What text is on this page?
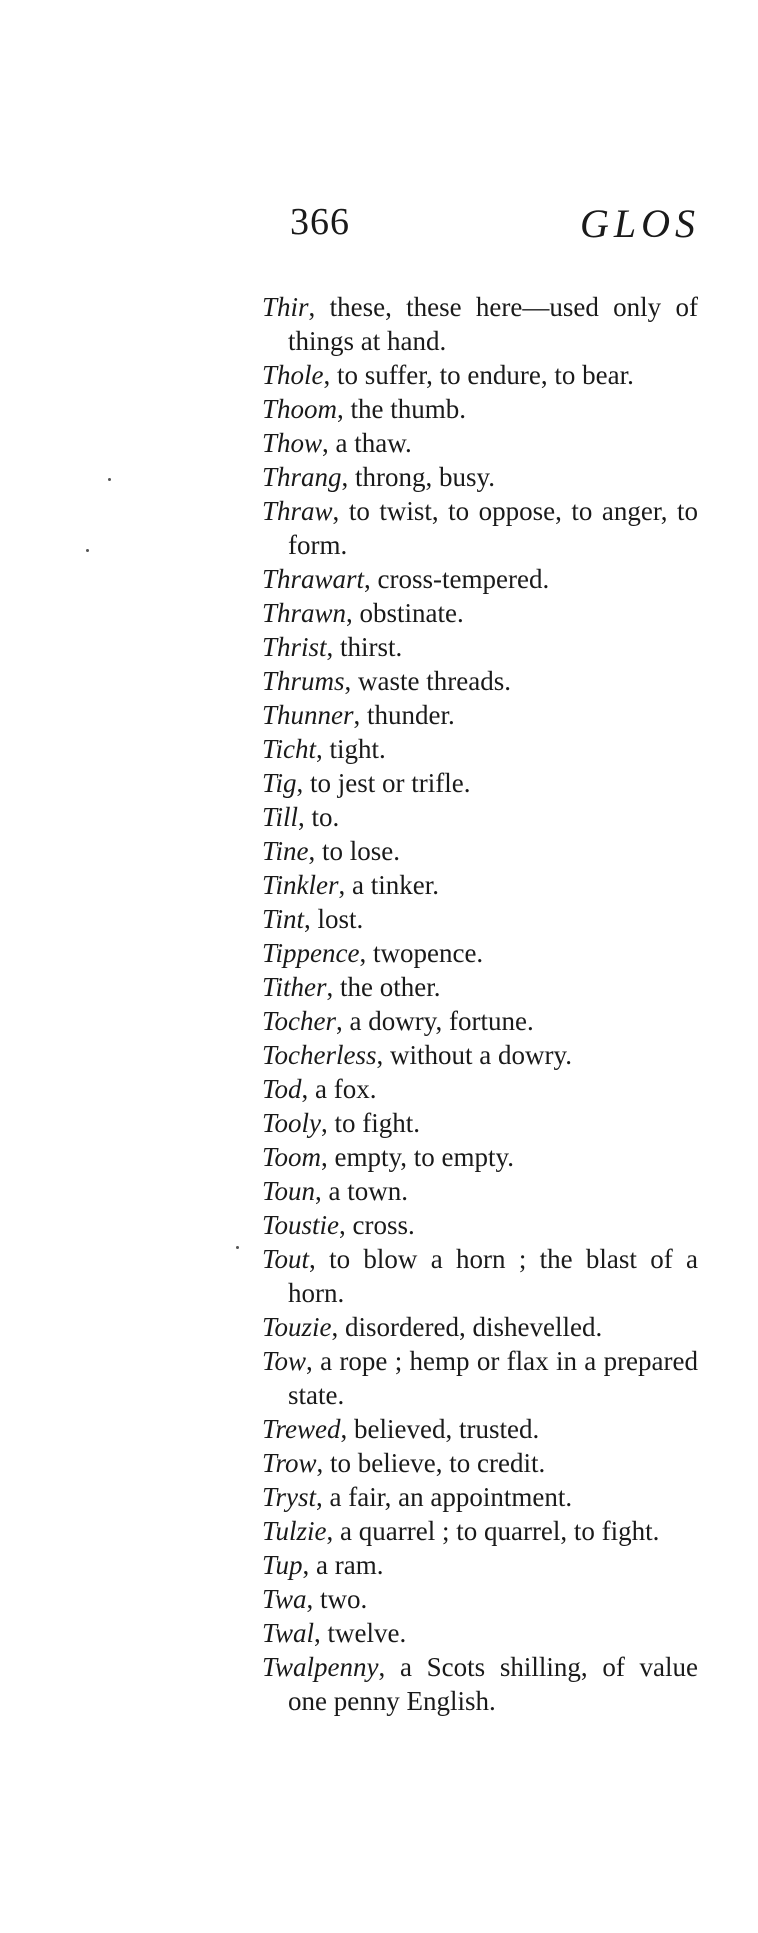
366	GLOS
Thir, these, these here—used only of things at hand.
Thole, to suffer, to endure, to bear.
Thoom, the thumb.
Thow, a thaw.
Thrang, throng, busy.
Thraw, to twist, to oppose, to anger, to form.
Thrawart, cross-tempered.
Thrawn, obstinate.
Thrist, thirst.
Thrums, waste threads.
Thunner, thunder.
Ticht, tight.
Tig, to jest or trifle.
Till, to.
Tine, to lose.
Tinkler, a tinker.
Tint, lost.
Tippence, twopence.
Tither, the other.
Tocher, a dowry, fortune.
Tocherless, without a dowry.
Tod, a fox.
Tooly, to fight.
Toom, empty, to empty.
Toun, a town.
Toustie, cross.
Tout, to blow a horn ; the blast of a horn.
Touzie, disordered, dishevelled.
Tow, a rope ; hemp or flax in a prepared state.
Trewed, believed, trusted.
Trow, to believe, to credit.
Tryst, a fair, an appointment.
Tulzie, a quarrel ; to quarrel, to fight.
Tup, a ram.
Twa, two.
Twal, twelve.
Twalpenny, a Scots shilling, of value one penny English.
